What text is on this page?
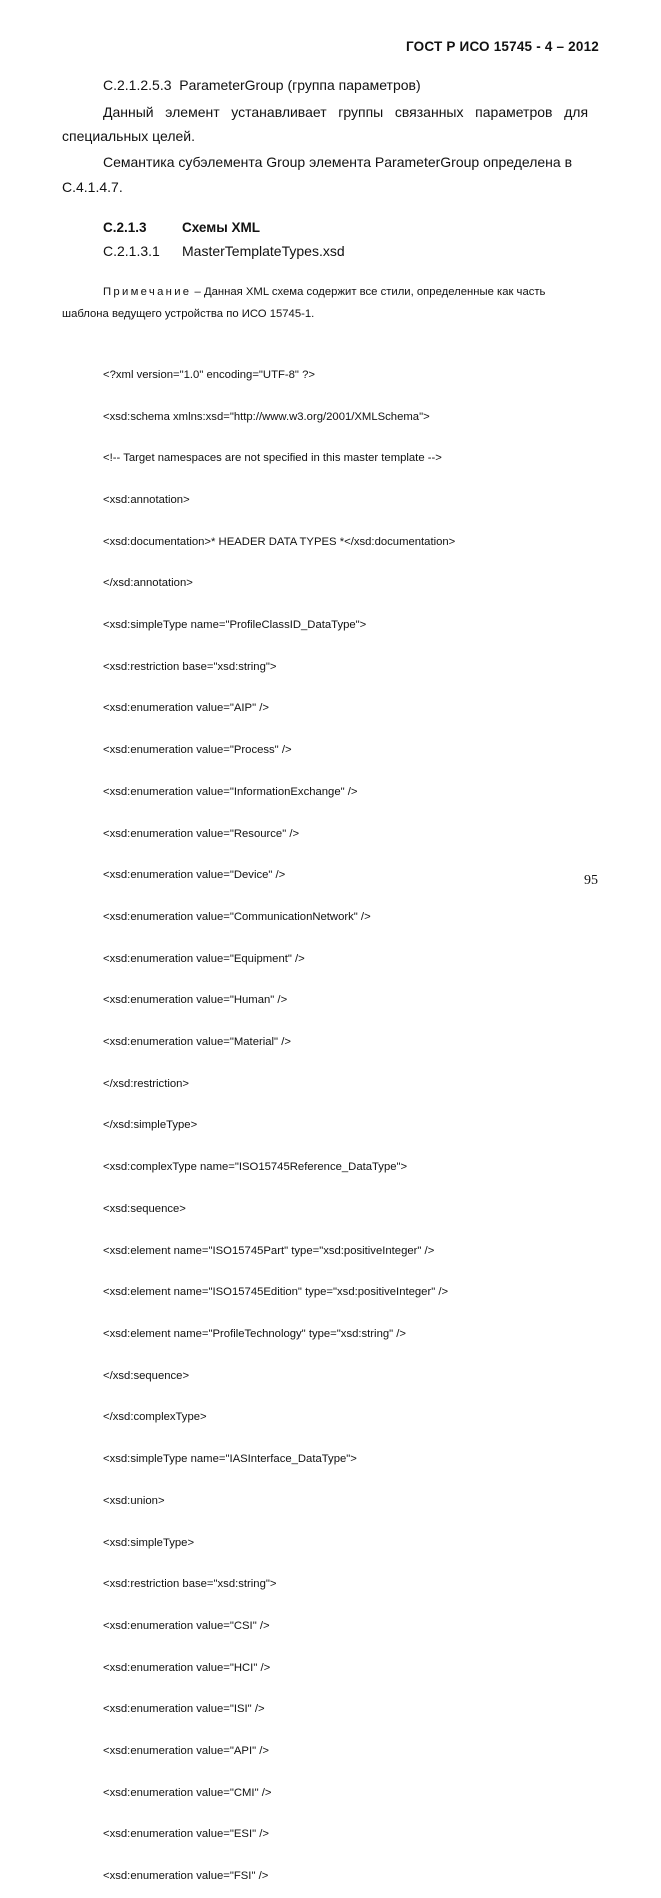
ГОСТ Р ИСО 15745 - 4 – 2012
С.2.1.2.5.3 ParameterGroup (группа параметров)
Данный   элемент   устанавливает   группы   связанных   параметров   для
специальных целей.
Семантика субэлемента Group элемента ParameterGroup определена в
С.4.1.4.7.
С.2.1.3	Схемы XML
С.2.1.3.1 MasterTemplateTypes.xsd
Примечание – Данная XML схема содержит все стили, определенные как часть
шаблона ведущего устройства по ИСО 15745-1.

<?xml version="1.0" encoding="UTF-8" ?>

<xsd:schema xmlns:xsd="http://www.w3.org/2001/XMLSchema">

<!-- Target namespaces are not specified in this master template -->

<xsd:annotation>

<xsd:documentation>* HEADER DATA TYPES *</xsd:documentation>

</xsd:annotation>

<xsd:simpleType name="ProfileClassID_DataType">

<xsd:restriction base="xsd:string">

<xsd:enumeration value="AIP" />

<xsd:enumeration value="Process" />

<xsd:enumeration value="InformationExchange" />

<xsd:enumeration value="Resource" />

<xsd:enumeration value="Device" />

<xsd:enumeration value="CommunicationNetwork" />

<xsd:enumeration value="Equipment" />

<xsd:enumeration value="Human" />

<xsd:enumeration value="Material" />

</xsd:restriction>

</xsd:simpleType>

<xsd:complexType name="ISO15745Reference_DataType">

<xsd:sequence>

<xsd:element name="ISO15745Part" type="xsd:positiveInteger" />

<xsd:element name="ISO15745Edition" type="xsd:positiveInteger" />

<xsd:element name="ProfileTechnology" type="xsd:string" />

</xsd:sequence>

</xsd:complexType>

<xsd:simpleType name="IASInterface_DataType">

<xsd:union>

<xsd:simpleType>

<xsd:restriction base="xsd:string">

<xsd:enumeration value="CSI" />

<xsd:enumeration value="HCI" />

<xsd:enumeration value="ISI" />

<xsd:enumeration value="API" />

<xsd:enumeration value="CMI" />

<xsd:enumeration value="ESI" />

<xsd:enumeration value="FSI" />

95
